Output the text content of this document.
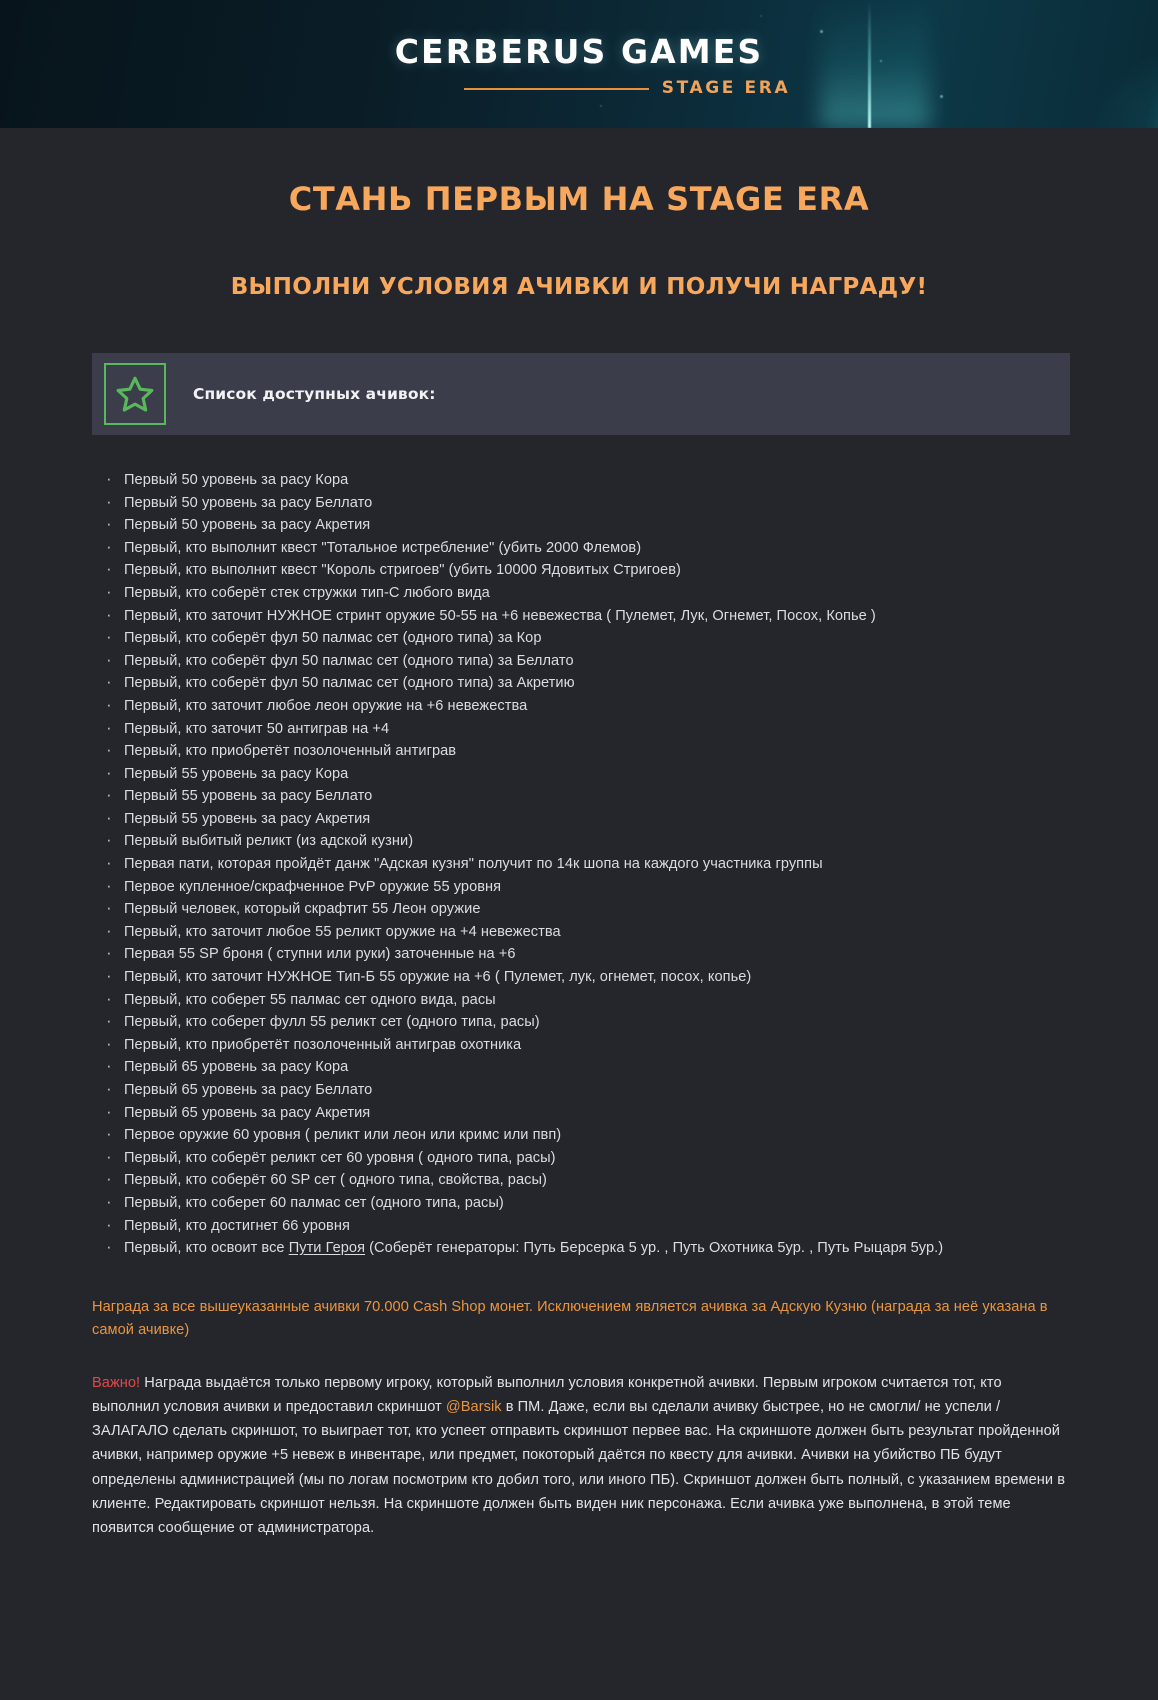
CERBERUS GAMES
STAGE ERA
СТАНЬ ПЕРВЫМ НА STAGE ERA
ВЫПОЛНИ УСЛОВИЯ АЧИВКИ И ПОЛУЧИ НАГРАДУ!
Список доступных ачивок:
· Первый 50 уровень за расу Кора
· Первый 50 уровень за расу Беллато
· Первый 50 уровень за расу Акретия
· Первый, кто выполнит квест "Тотальное истребление" (убить 2000 Флемов)
· Первый, кто выполнит квест "Король стригоев" (убить 10000 Ядовитых Стригоев)
· Первый, кто соберёт стек стружки тип-С любого вида
· Первый, кто заточит НУЖНОЕ стринт оружие 50-55 на +6 невежества ( Пулемет, Лук, Огнемет, Посох, Копье )
· Первый, кто соберёт фул 50 палмас сет (одного типа) за Кор
· Первый, кто соберёт фул 50 палмас сет (одного типа) за Беллато
· Первый, кто соберёт фул 50 палмас сет (одного типа) за Акретию
· Первый, кто заточит любое леон оружие на +6 невежества
· Первый, кто заточит 50 антиграв на +4
· Первый, кто приобретёт позолоченный антиграв
· Первый 55 уровень за расу Кора
· Первый 55 уровень за расу Беллато
· Первый 55 уровень за расу Акретия
· Первый выбитый реликт (из адской кузни)
· Первая пати, которая пройдёт данж "Адская кузня" получит по 14к шопа на каждого участника группы
· Первое купленное/скрафченное PvP оружие 55 уровня
· Первый человек, который скрафтит 55 Леон оружие
· Первый, кто заточит любое 55 реликт оружие на +4 невежества
· Первая 55 SP броня ( ступни или руки) заточенные на +6
· Первый, кто заточит НУЖНОЕ Тип-Б 55 оружие на +6 ( Пулемет, лук, огнемет, посох, копье)
· Первый, кто соберет 55 палмас сет одного вида, расы
· Первый, кто соберет фулл 55 реликт сет (одного типа, расы)
· Первый, кто приобретёт позолоченный антиграв охотника
· Первый 65 уровень за расу Кора
· Первый 65 уровень за расу Беллато
· Первый 65 уровень за расу Акретия
· Первое оружие 60 уровня ( реликт или леон или кримс или пвп)
· Первый, кто соберёт реликт сет 60 уровня ( одного типа, расы)
· Первый, кто соберёт 60 SP сет ( одного типа, свойства, расы)
· Первый, кто соберет 60 палмас сет (одного типа, расы)
· Первый, кто достигнет 66 уровня
· Первый, кто освоит все Пути Героя (Соберёт генераторы: Путь Берсерка 5 ур. , Путь Охотника 5ур. , Путь Рыцаря 5ур.)

Награда за все вышеуказанные ачивки 70.000 Cash Shop монет. Исключением является ачивка за Адскую Кузню (награда за неё указана в самой ачивке)

Важно! Награда выдаётся только первому игроку, который выполнил условия конкретной ачивки. Первым игроком считается тот, кто выполнил условия ачивки и предоставил скриншот @Barsik в ПМ. Даже, если вы сделали ачивку быстрее, но не смогли/ не успели / ЗАЛАГАЛО сделать скриншот, то выиграет тот, кто успеет отправить скриншот первее вас. На скриншоте должен быть результат пройденной ачивки, например оружие +5 невеж в инвентаре, или предмет, покоторый даётся по квесту для ачивки. Ачивки на убийство ПБ будут определены администрацией (мы по логам посмотрим кто добил того, или иного ПБ). Скриншот должен быть полный, с указанием времени в клиенте. Редактировать скриншот нельзя. На скриншоте должен быть виден ник персонажа. Если ачивка уже выполнена, в этой теме появится сообщение от администратора.
